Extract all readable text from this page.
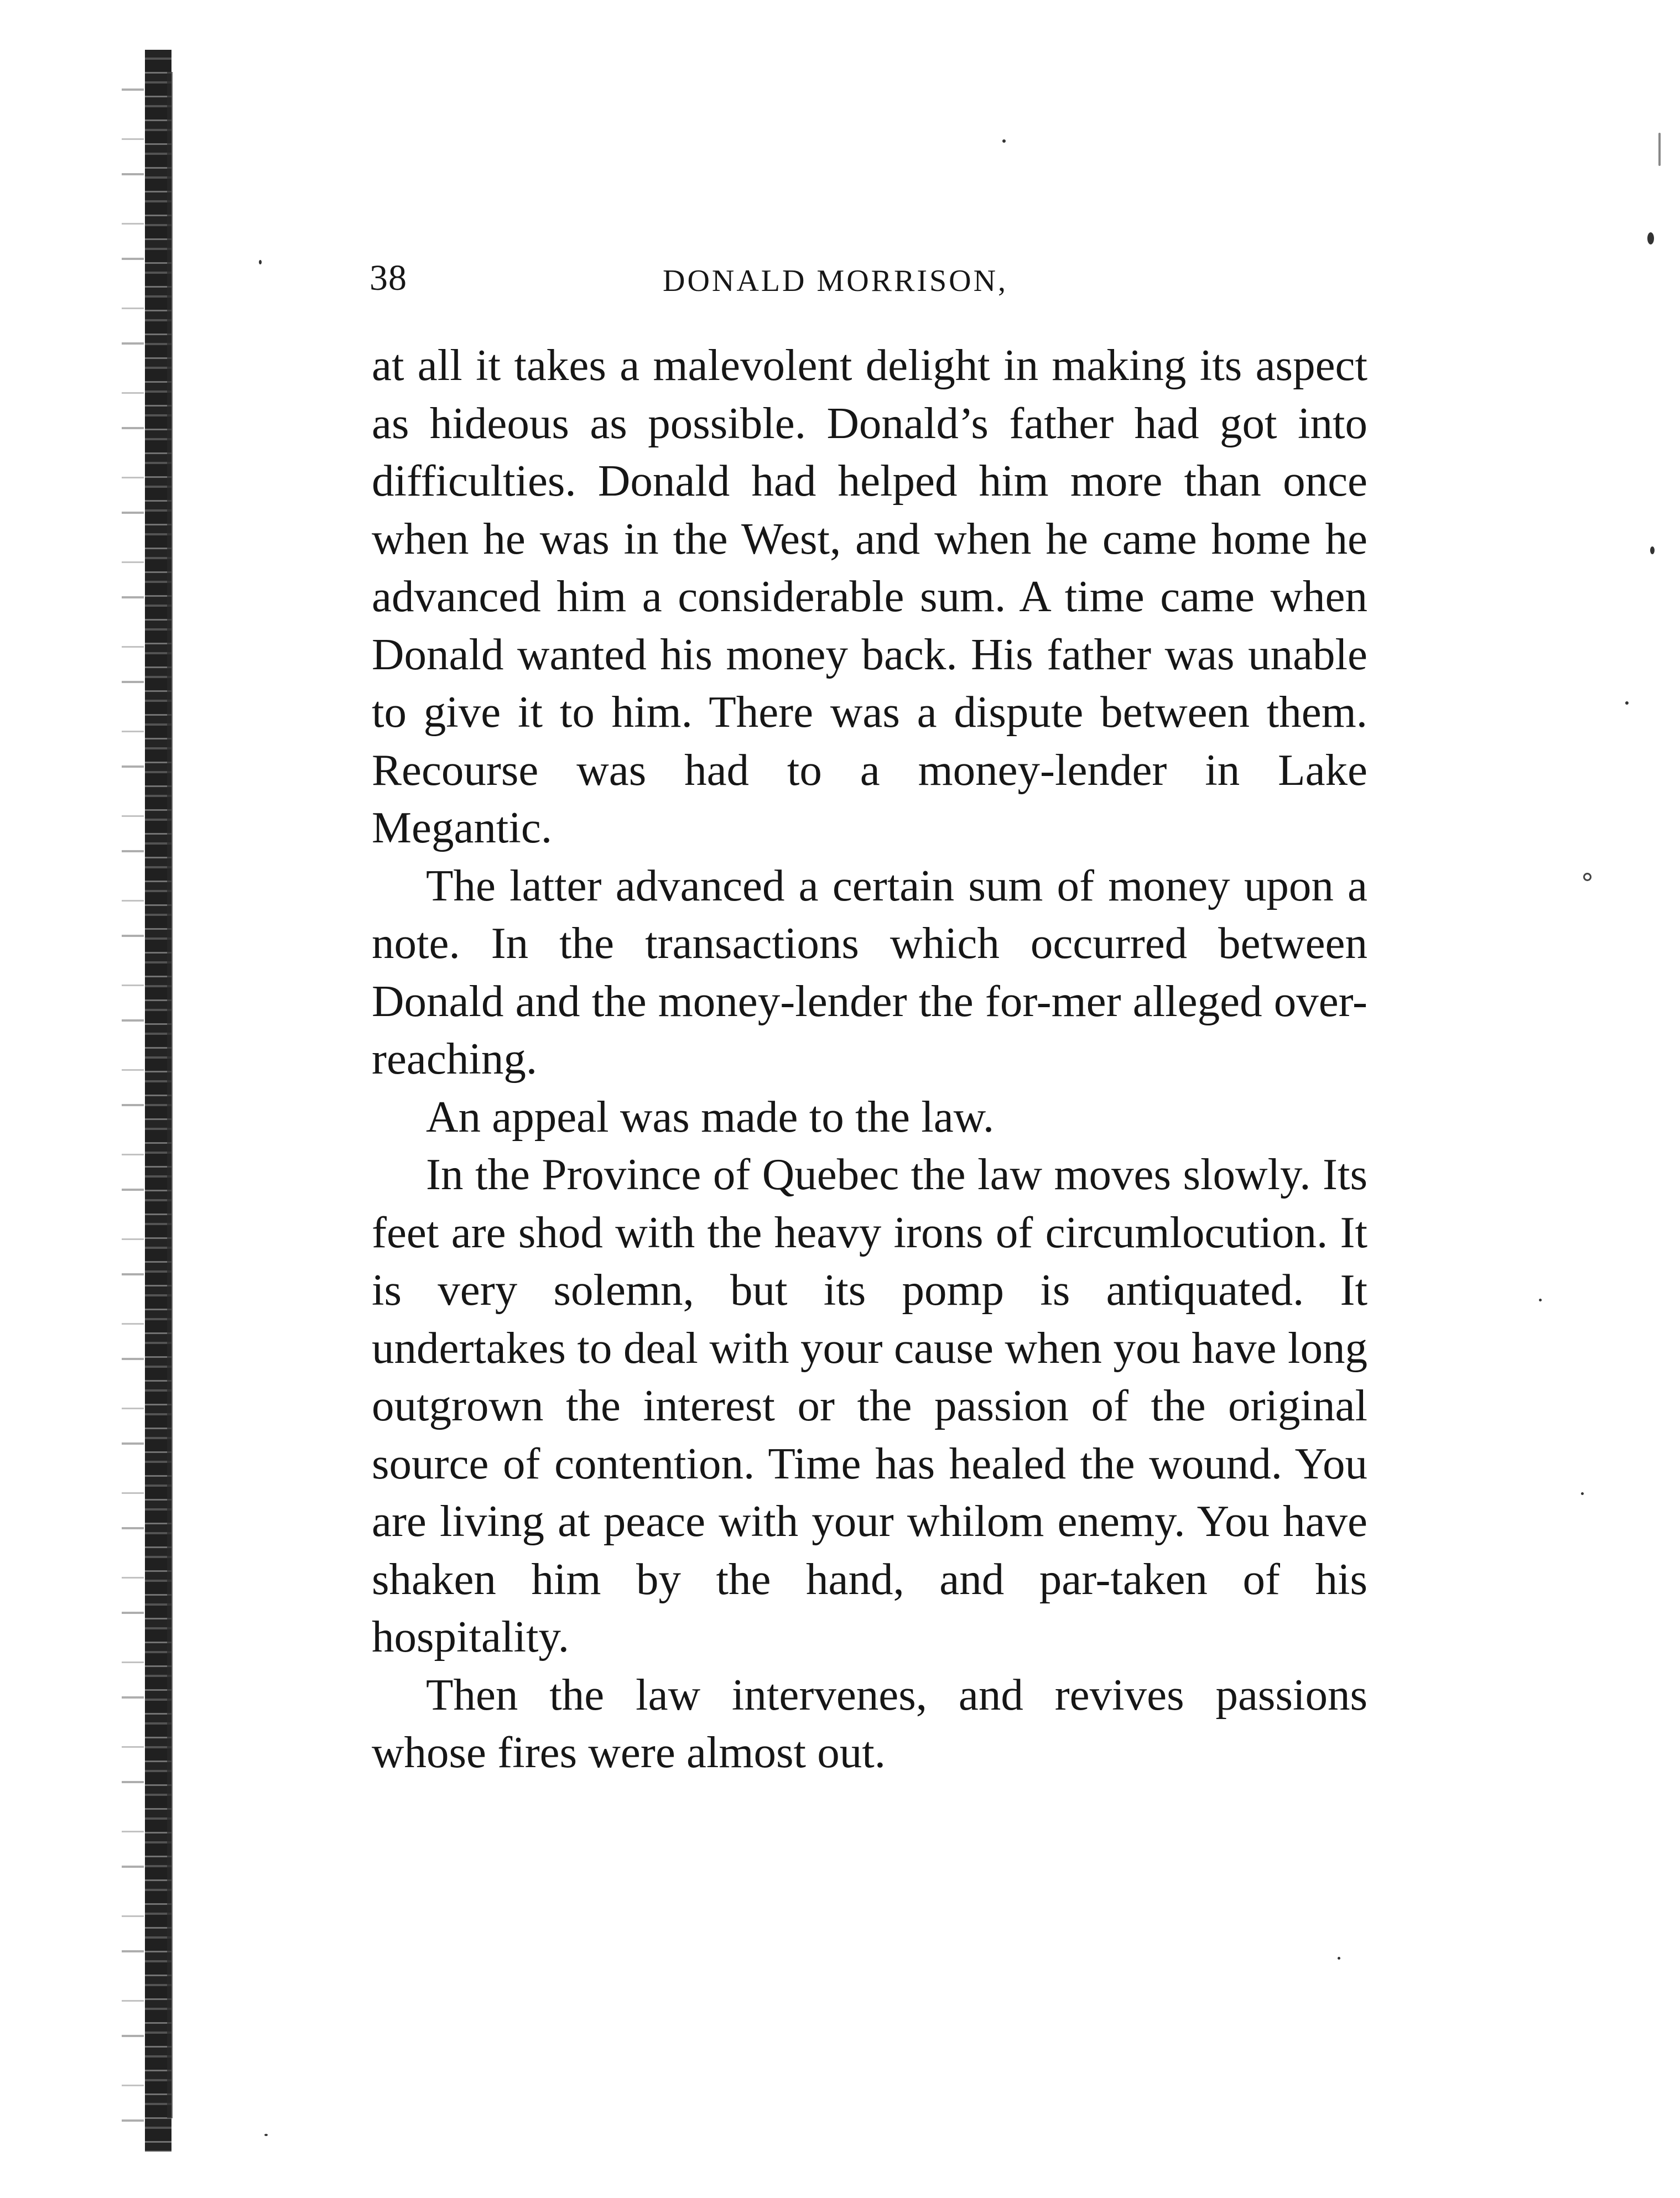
38	DONALD MORRISON,

at all it takes a malevolent delight in making its aspect as hideous as possible. Donald’s father had got into difficulties. Donald had helped him more than once when he was in the West, and when he came home he advanced him a considerable sum. A time came when Donald wanted his money back. His father was unable to give it to him. There was a dispute between them. Recourse was had to a money-lender in Lake Megantic.

The latter advanced a certain sum of money upon a note. In the transactions which occurred between Donald and the money-lender the for-mer alleged over-reaching.

An appeal was made to the law.

In the Province of Quebec the law moves slowly. Its feet are shod with the heavy irons of circumlocution. It is very solemn, but its pomp is antiquated. It undertakes to deal with your cause when you have long outgrown the interest or the passion of the original source of contention. Time has healed the wound. You are living at peace with your whilom enemy. You have shaken him by the hand, and par-taken of his hospitality.

Then the law intervenes, and revives passions whose fires were almost out.
